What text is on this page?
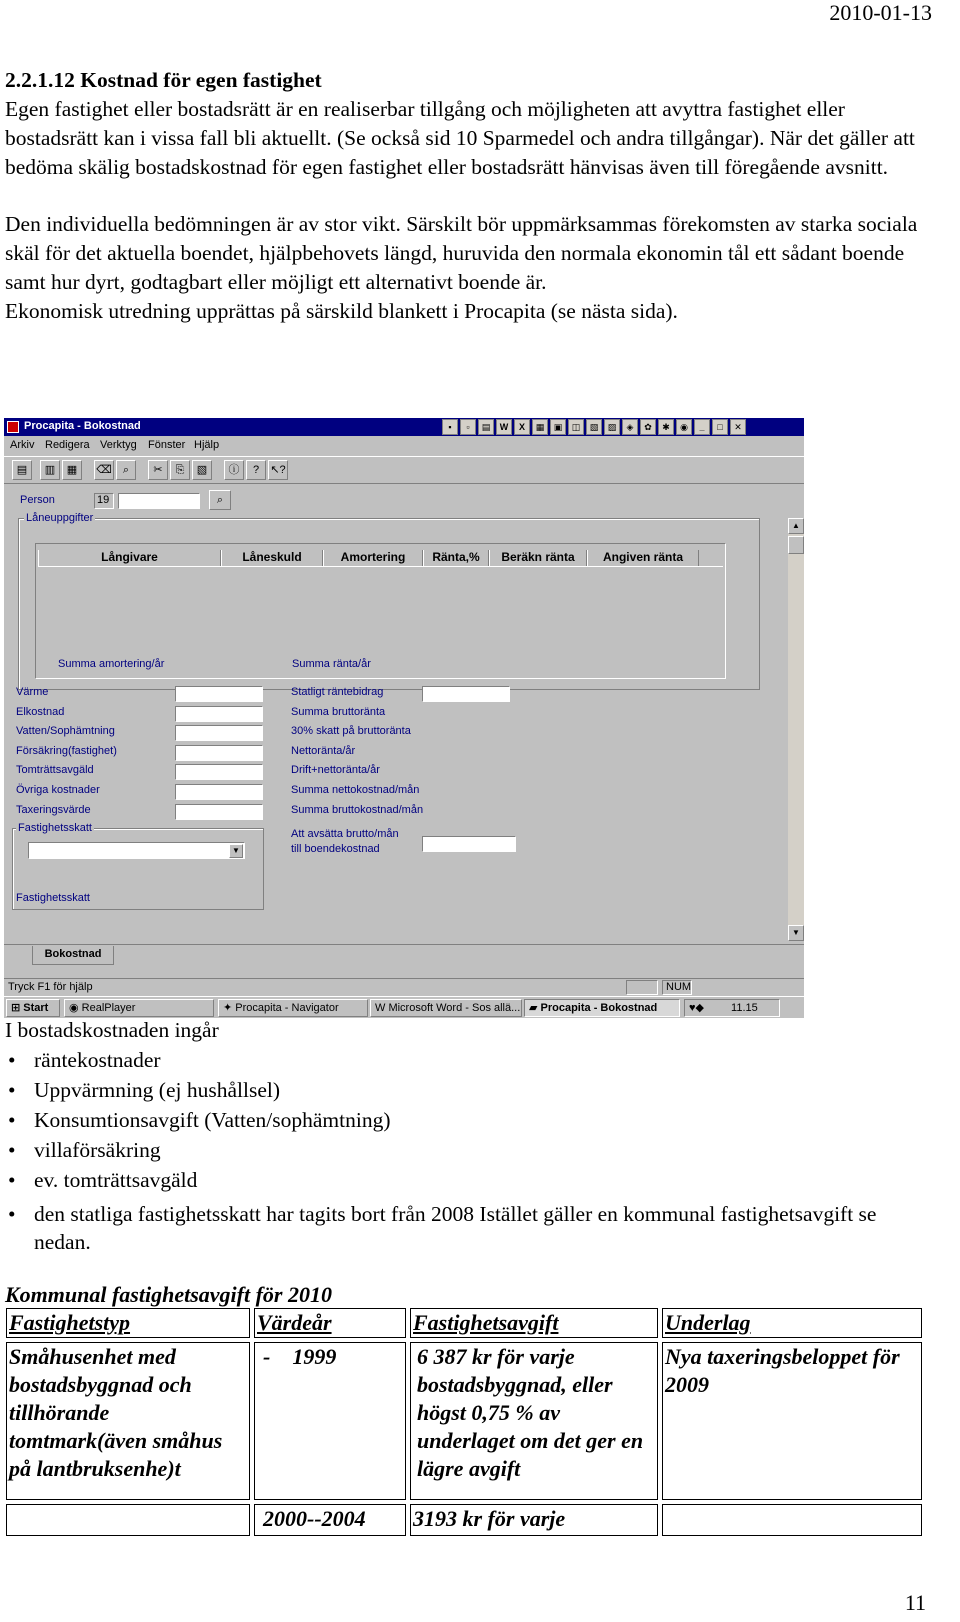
2010-01-13
2.2.1.12 Kostnad för egen fastighet

Egen fastighet eller bostadsrätt är en realiserbar tillgång och möjligheten att avyttra fastighet eller bostadsrätt kan i vissa fall bli aktuellt. (Se också sid 10 Sparmedel och andra tillgångar). När det gäller att bedöma skälig bostadskostnad för egen fastighet eller bostadsrätt hänvisas även till föregående avsnitt.

Den individuella bedömningen är av stor vikt. Särskilt bör uppmärksammas förekomsten av starka sociala skäl för det aktuella boendet, hjälpbehovets längd, huruvida den normala ekonomin tål ett sådant boende samt hur dyrt, godtagbart eller möjligt ett alternativt boende är.

Ekonomisk utredning upprättas på särskild blankett i Procapita (se nästa sida).

Procapita - Bokostnad	▪	▫	▤	W	X	▦	▣	◫	▧	▨	◈	✿	✱	◉	_	□	✕
Arkiv Redigera Verktyg Fönster Hjälp
▤	▥	▦	⌫	⌕	✂	⎘	▧	ⓘ	?	↖?
Person	19	⌕
Låneuppgifter
Långivare	Låneskuld	Amortering	Ränta,%	Beräkn ränta	Angiven ränta
Summa amortering/år	Summa ränta/år
Värme
Elkostnad
Vatten/Sophämtning
Försäkring(fastighet)
Tomträttsavgäld
Övriga kostnader
Taxeringsvärde
Statligt räntebidrag
Summa bruttoränta
30% skatt på bruttoränta
Nettoränta/år
Drift+nettoränta/år
Summa nettokostnad/mån
Summa bruttokostnad/mån
Att avsätta brutto/mån
till boendekostnad
Fastighetsskatt
▼
Fastighetsskatt
▲
▼
Bokostnad
Tryck F1 för hjälp	NUM
⊞ Start	◉ RealPlayer	✦ Procapita - Navigator	W Microsoft Word - Sos allä... ▰ Procapita - Bokostnad	♥◆ 11.15
I bostadskostnaden ingår
• räntekostnader
• Uppvärmning (ej hushållsel)
• Konsumtionsavgift (Vatten/sophämtning)
• villaförsäkring
• ev. tomträttsavgäld
• den statliga fastighetsskatt har tagits bort från 2008 Istället gäller en kommunal fastighetsavgift se nedan.
Kommunal fastighetsavgift för 2010
Fastighetstyp	Värdeår	Fastighetsavgift	Underlag
Småhusenhet med bostadsbyggnad och tillhörande tomtmark(även småhus på lantbruksenhe)t	-    1999	6 387 kr för varje bostadsbyggnad, eller högst 0,75 % av underlaget om det ger en lägre avgift	Nya taxeringsbeloppet för 2009
	2000--2004	3193 kr för varje	
11
